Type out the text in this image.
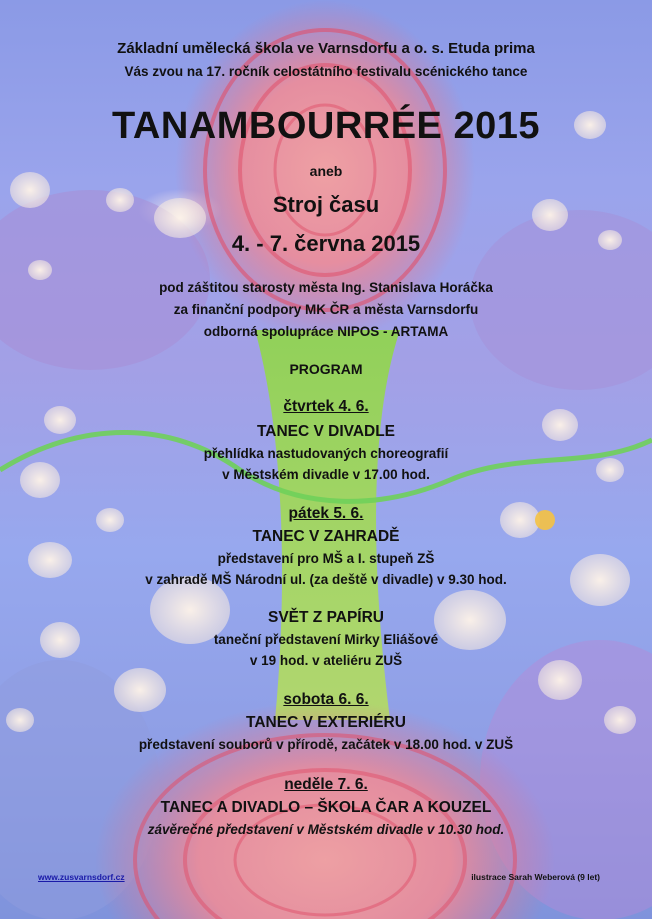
Základní umělecká škola ve Varnsdorfu a o. s. Etuda prima
Vás zvou na 17. ročník celostátního festivalu scénického tance
TANAMBOURRÉE 2015
aneb
Stroj času
4. - 7. června 2015
pod záštitou starosty města Ing. Stanislava Horáčka
za finanční podpory MK ČR a města Varnsdorfu
odborná spolupráce NIPOS - ARTAMA
PROGRAM
čtvrtek 4. 6.
TANEC V DIVADLE
přehlídka nastudovaných choreografií
v Městském divadle v 17.00 hod.
pátek 5. 6.
TANEC V ZAHRADĚ
představení pro MŠ a I. stupeň ZŠ
v zahradě MŠ Národní ul. (za deště v divadle) v 9.30 hod.
SVĚT Z PAPÍRU
taneční představení Mirky Eliášové
v 19 hod. v ateliéru ZUŠ
sobota 6. 6.
TANEC V EXTERIÉRU
představení souborů v přírodě, začátek v 18.00 hod. v ZUŠ
neděle 7. 6.
TANEC A DIVADLO – ŠKOLA ČAR A KOUZEL
závěrečné představení v Městském divadle v 10.30 hod.
www.zusvarnsdorf.cz	ilustrace Sarah Weberová (9 let)
